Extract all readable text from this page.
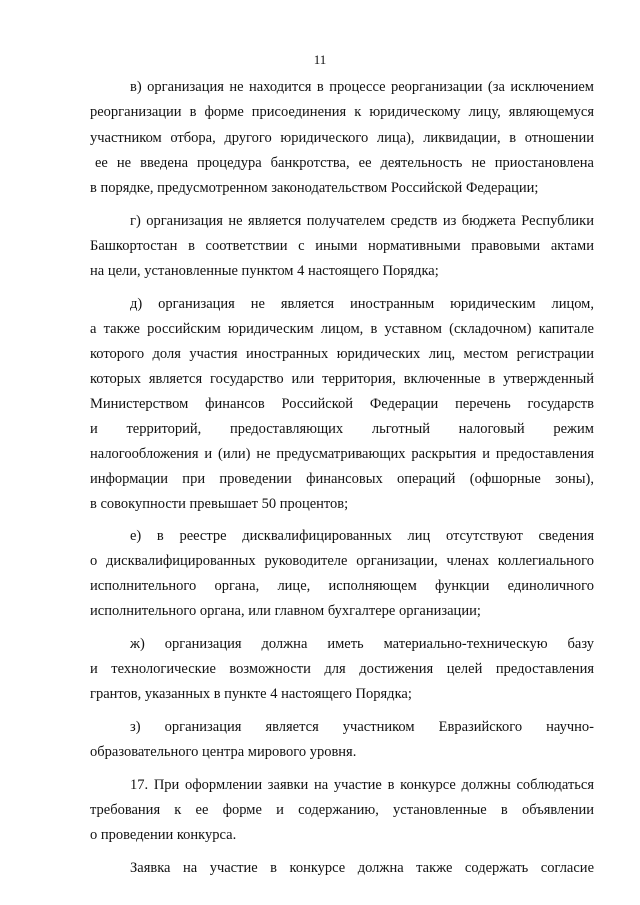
11
в) организация не находится в процессе реорганизации (за исключением
реорганизации в форме присоединения к юридическому лицу, являющемуся
участником отбора, другого юридического лица), ликвидации, в отношении
ее не введена процедура банкротства, ее деятельность не приостановлена
в порядке, предусмотренном законодательством Российской Федерации;
г) организация не является получателем средств из бюджета Республики
Башкортостан в соответствии с иными нормативными правовыми актами
на цели, установленные пунктом 4 настоящего Порядка;
д) организация не является иностранным юридическим лицом,
а также российским юридическим лицом, в уставном (складочном) капитале
которого доля участия иностранных юридических лиц, местом регистрации
которых является государство или территория, включенные в утвержденный
Министерством финансов Российской Федерации перечень государств
и территорий, предоставляющих льготный налоговый режим
налогообложения и (или) не предусматривающих раскрытия и предоставления
информации при проведении финансовых операций (офшорные зоны),
в совокупности превышает 50 процентов;
е) в реестре дисквалифицированных лиц отсутствуют сведения
о дисквалифицированных руководителе организации, членах коллегиального
исполнительного органа, лице, исполняющем функции единоличного
исполнительного органа, или главном бухгалтере организации;
ж) организация должна иметь материально-техническую базу
и технологические возможности для достижения целей предоставления
грантов, указанных в пункте 4 настоящего Порядка;
з) организация является участником Евразийского научно-
образовательного центра мирового уровня.
17. При оформлении заявки на участие в конкурсе должны соблюдаться
требования к ее форме и содержанию, установленные в объявлении
о проведении конкурса.
Заявка на участие в конкурсе должна также содержать согласие
